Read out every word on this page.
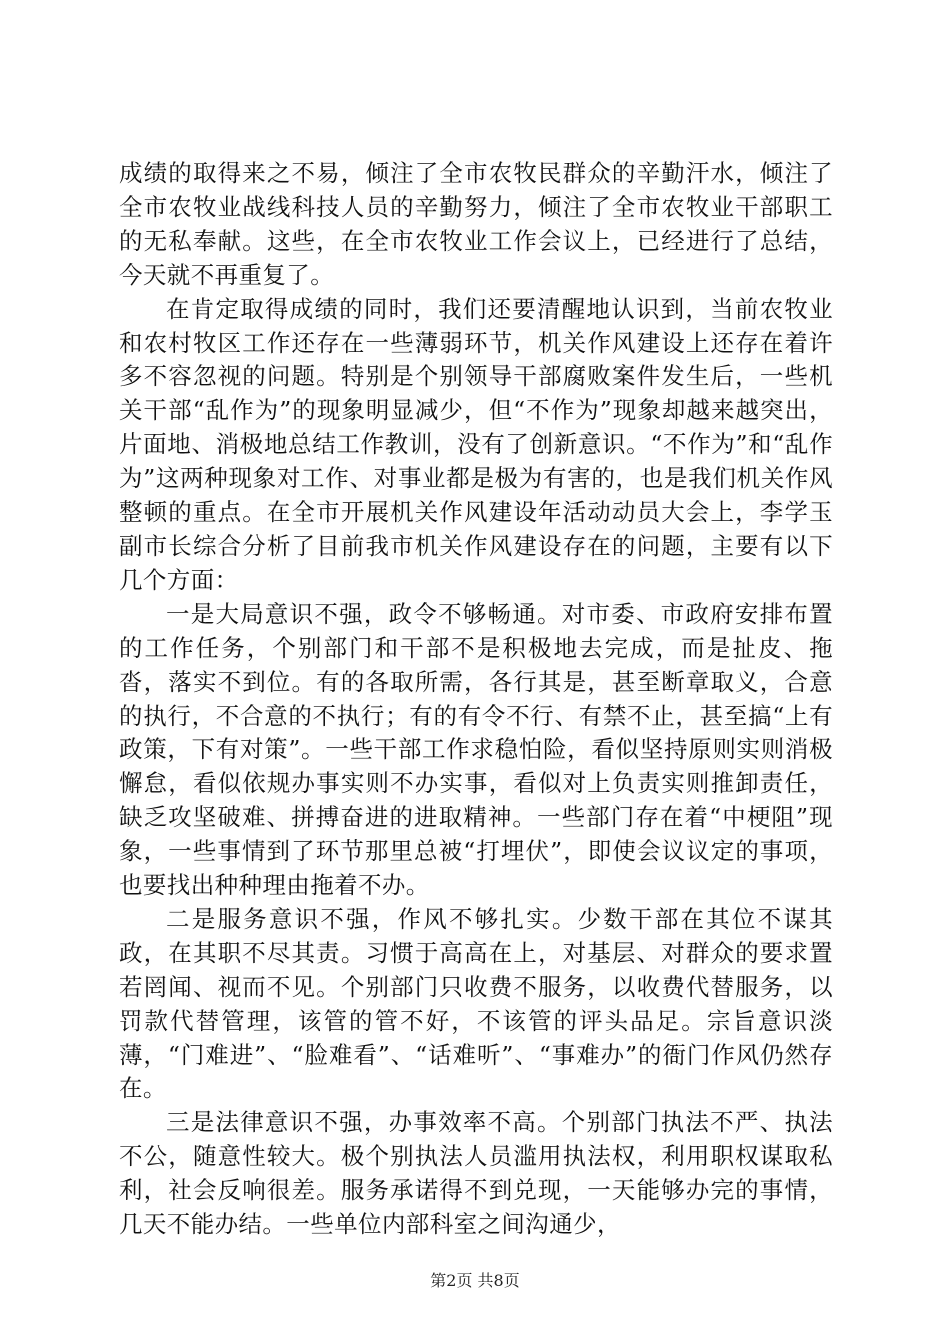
成绩的取得来之不易，倾注了全市农牧民群众的辛勤汗水，倾注了全市农牧业战线科技人员的辛勤努力，倾注了全市农牧业干部职工的无私奉献。这些，在全市农牧业工作会议上，已经进行了总结，今天就不再重复了。

在肯定取得成绩的同时，我们还要清醒地认识到，当前农牧业和农村牧区工作还存在一些薄弱环节，机关作风建设上还存在着许多不容忽视的问题。特别是个别领导干部腐败案件发生后，一些机关干部“乱作为”的现象明显减少，但“不作为”现象却越来越突出，片面地、消极地总结工作教训，没有了创新意识。“不作为”和“乱作为”这两种现象对工作、对事业都是极为有害的，也是我们机关作风整顿的重点。在全市开展机关作风建设年活动动员大会上，李学玉副市长综合分析了目前我市机关作风建设存在的问题，主要有以下几个方面：

一是大局意识不强，政令不够畅通。对市委、市政府安排布置的工作任务，个别部门和干部不是积极地去完成，而是扯皮、拖沓，落实不到位。有的各取所需，各行其是，甚至断章取义，合意的执行，不合意的不执行；有的有令不行、有禁不止，甚至搞“上有政策，下有对策”。一些干部工作求稳怕险，看似坚持原则实则消极懈怠，看似依规办事实则不办实事，看似对上负责实则推卸责任，缺乏攻坚破难、拼搏奋进的进取精神。一些部门存在着“中梗阻”现象，一些事情到了环节那里总被“打埋伏”，即使会议议定的事项，也要找出种种理由拖着不办。

二是服务意识不强，作风不够扎实。少数干部在其位不谋其政，在其职不尽其责。习惯于高高在上，对基层、对群众的要求置若罔闻、视而不见。个别部门只收费不服务，以收费代替服务，以罚款代替管理，该管的管不好，不该管的评头品足。宗旨意识淡薄，“门难进”、“脸难看”、“话难听”、“事难办”的衙门作风仍然存在。

三是法律意识不强，办事效率不高。个别部门执法不严、执法不公，随意性较大。极个别执法人员滥用执法权，利用职权谋取私利，社会反响很差。服务承诺得不到兑现，一天能够办完的事情，几天不能办结。一些单位内部科室之间沟通少，

第2页 共8页
